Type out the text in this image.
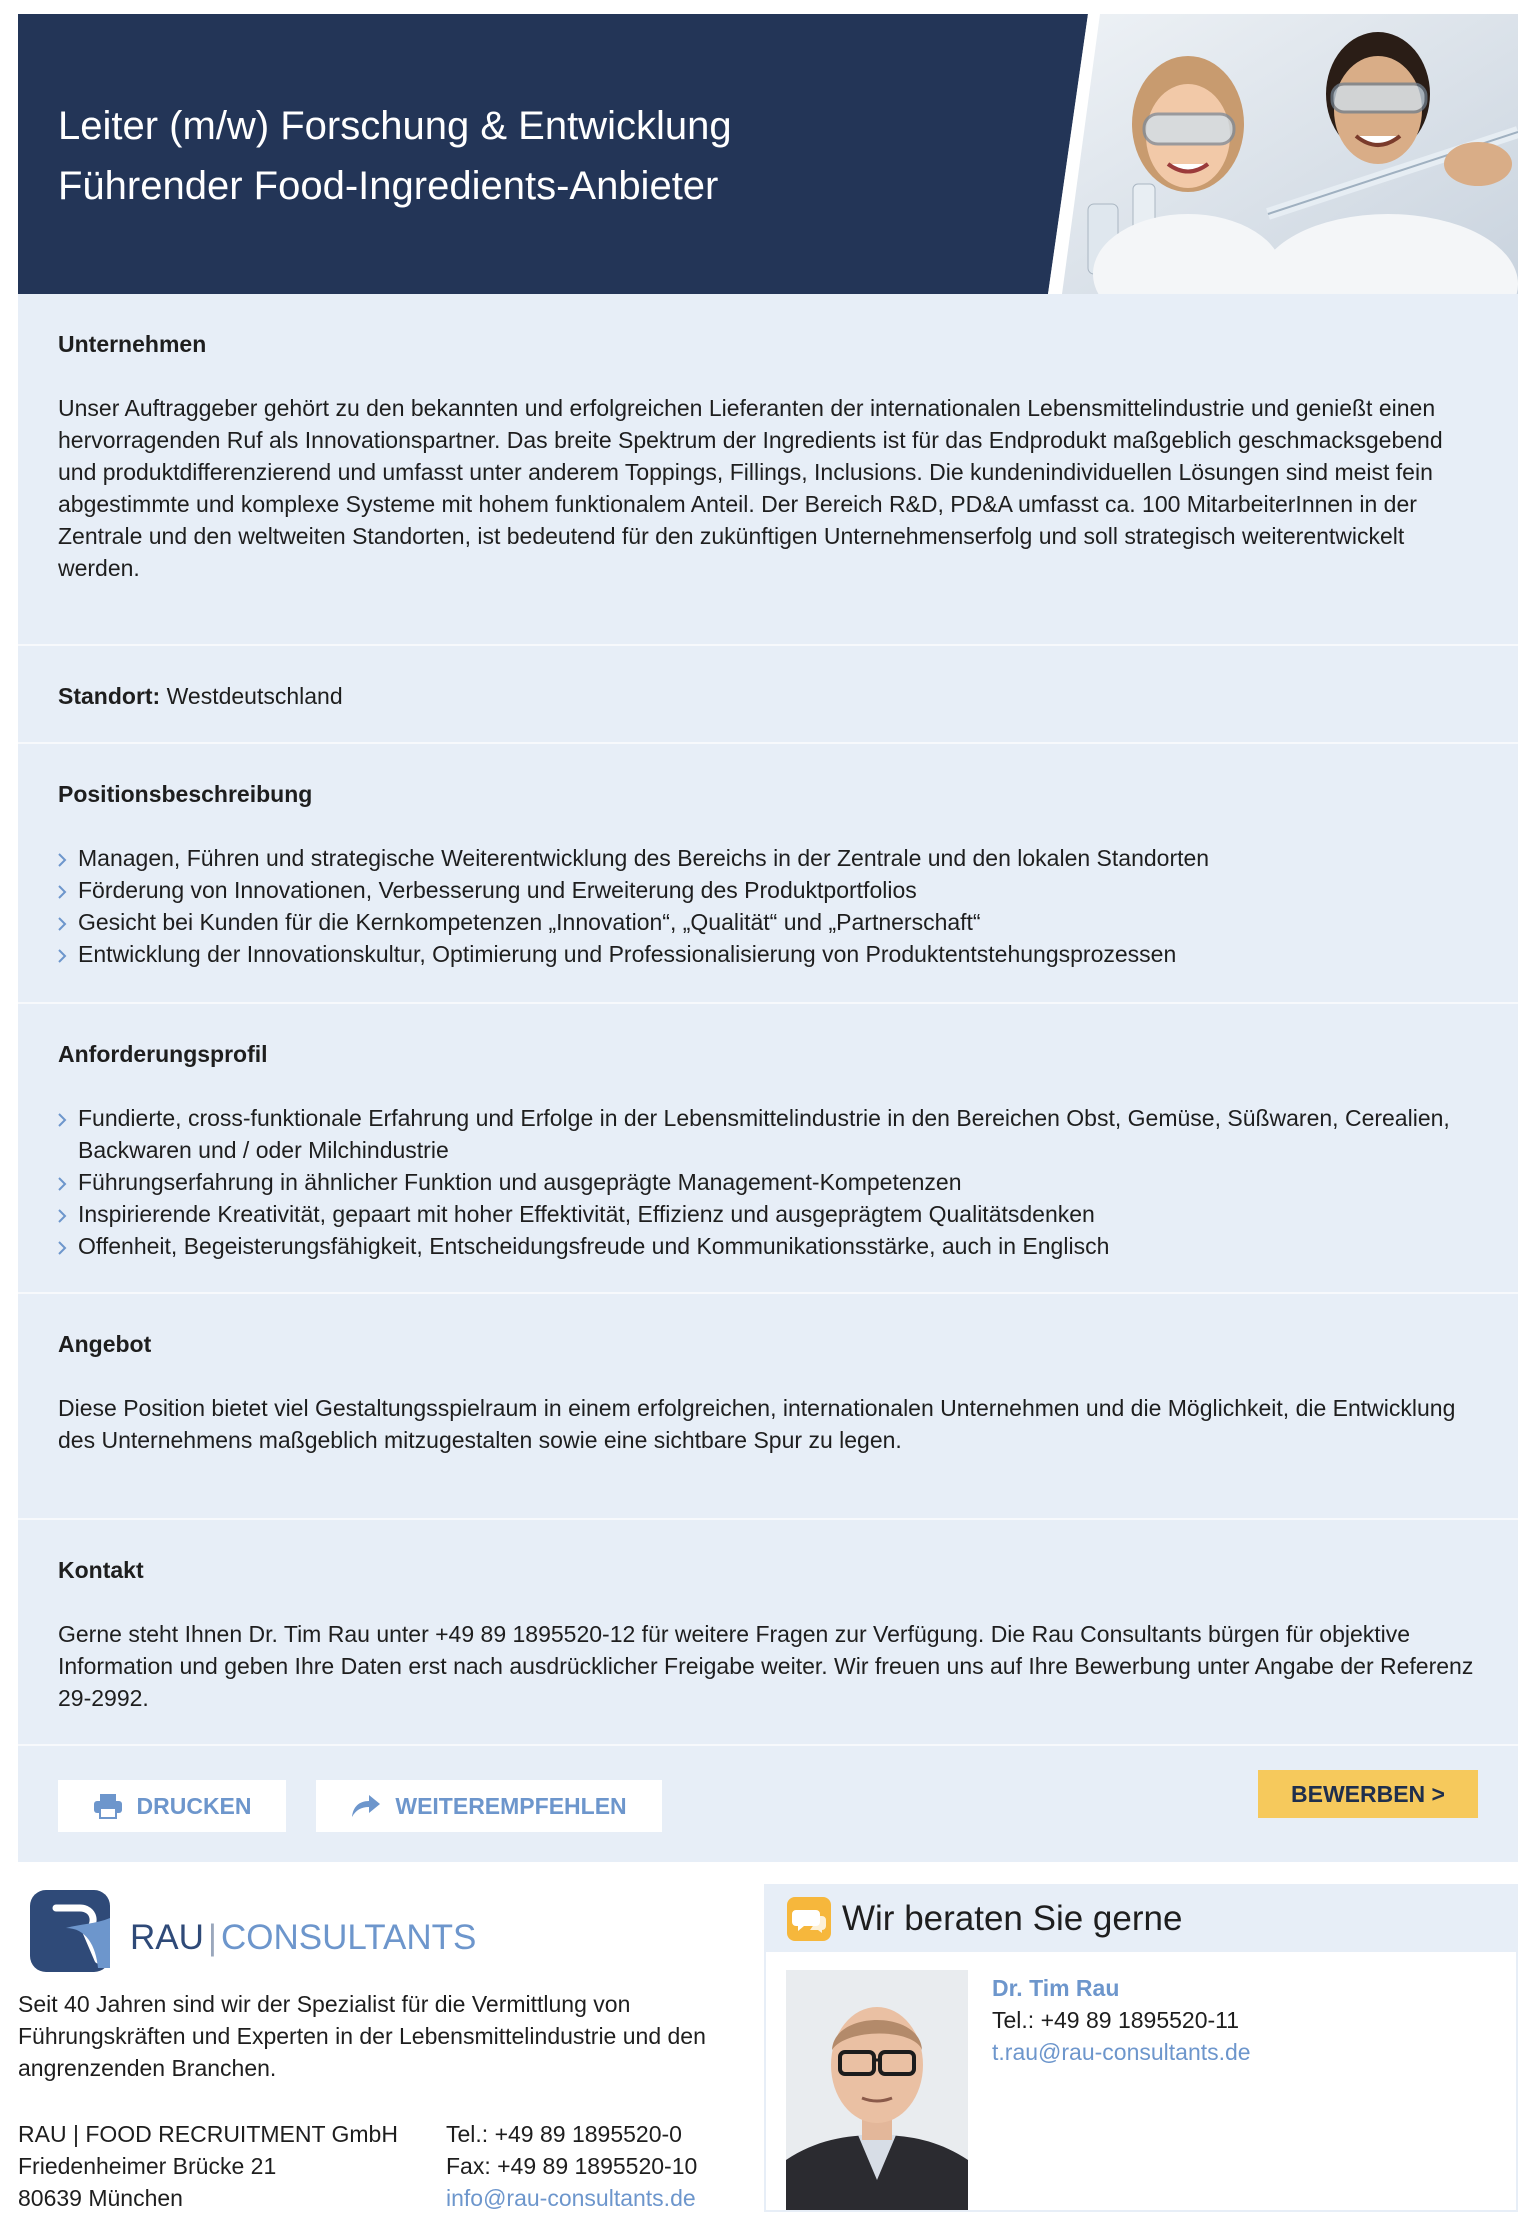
Leiter (m/w) Forschung & Entwicklung
Führender Food-Ingredients-Anbieter
Unternehmen

Unser Auftraggeber gehört zu den bekannten und erfolgreichen Lieferanten der internationalen Lebensmittelindustrie und genießt einen hervorragenden Ruf als Innovationspartner. Das breite Spektrum der Ingredients ist für das Endprodukt maßgeblich geschmacksgebend und produktdifferenzierend und umfasst unter anderem Toppings, Fillings, Inclusions. Die kundenindividuellen Lösungen sind meist fein abgestimmte und komplexe Systeme mit hohem funktionalem Anteil. Der Bereich R&D, PD&A umfasst ca. 100 MitarbeiterInnen in der Zentrale und den weltweiten Standorten, ist bedeutend für den zukünftigen Unternehmenserfolg und soll strategisch weiterentwickelt werden.

Standort: Westdeutschland
Positionsbeschreibung
Managen, Führen und strategische Weiterentwicklung des Bereichs in der Zentrale und den lokalen Standorten
Förderung von Innovationen, Verbesserung und Erweiterung des Produktportfolios
Gesicht bei Kunden für die Kernkompetenzen „Innovation“, „Qualität“ und „Partnerschaft“
Entwicklung der Innovationskultur, Optimierung und Professionalisierung von Produktentstehungsprozessen
Anforderungsprofil
Fundierte, cross-funktionale Erfahrung und Erfolge in der Lebensmittelindustrie in den Bereichen Obst, Gemüse, Süßwaren, Cerealien, Backwaren und / oder Milchindustrie
Führungserfahrung in ähnlicher Funktion und ausgeprägte Management-Kompetenzen
Inspirierende Kreativität, gepaart mit hoher Effektivität, Effizienz und ausgeprägtem Qualitätsdenken
Offenheit, Begeisterungsfähigkeit, Entscheidungsfreude und Kommunikationsstärke, auch in Englisch
Angebot

Diese Position bietet viel Gestaltungsspielraum in einem erfolgreichen, internationalen Unternehmen und die Möglichkeit, die Entwicklung des Unternehmens maßgeblich mitzugestalten sowie eine sichtbare Spur zu legen.

Kontakt

Gerne steht Ihnen Dr. Tim Rau unter +49 89 1895520-12 für weitere Fragen zur Verfügung. Die Rau Consultants bürgen für objektive Information und geben Ihre Daten erst nach ausdrücklicher Freigabe weiter. Wir freuen uns auf Ihre Bewerbung unter Angabe der Referenz 29-2992.

DRUCKEN	WEITEREMPFEHLEN	BEWERBEN >
RAU | CONSULTANTS
Seit 40 Jahren sind wir der Spezialist für die Vermittlung von Führungskräften und Experten in der Lebensmittelindustrie und den angrenzenden Branchen.
RAU | FOOD RECRUITMENT GmbH
Friedenheimer Brücke 21
80639 München
Tel.: +49 89 1895520-0
Fax: +49 89 1895520-10
info@rau-consultants.de
Wir beraten Sie gerne
Dr. Tim Rau
Tel.: +49 89 1895520-11
t.rau@rau-consultants.de
